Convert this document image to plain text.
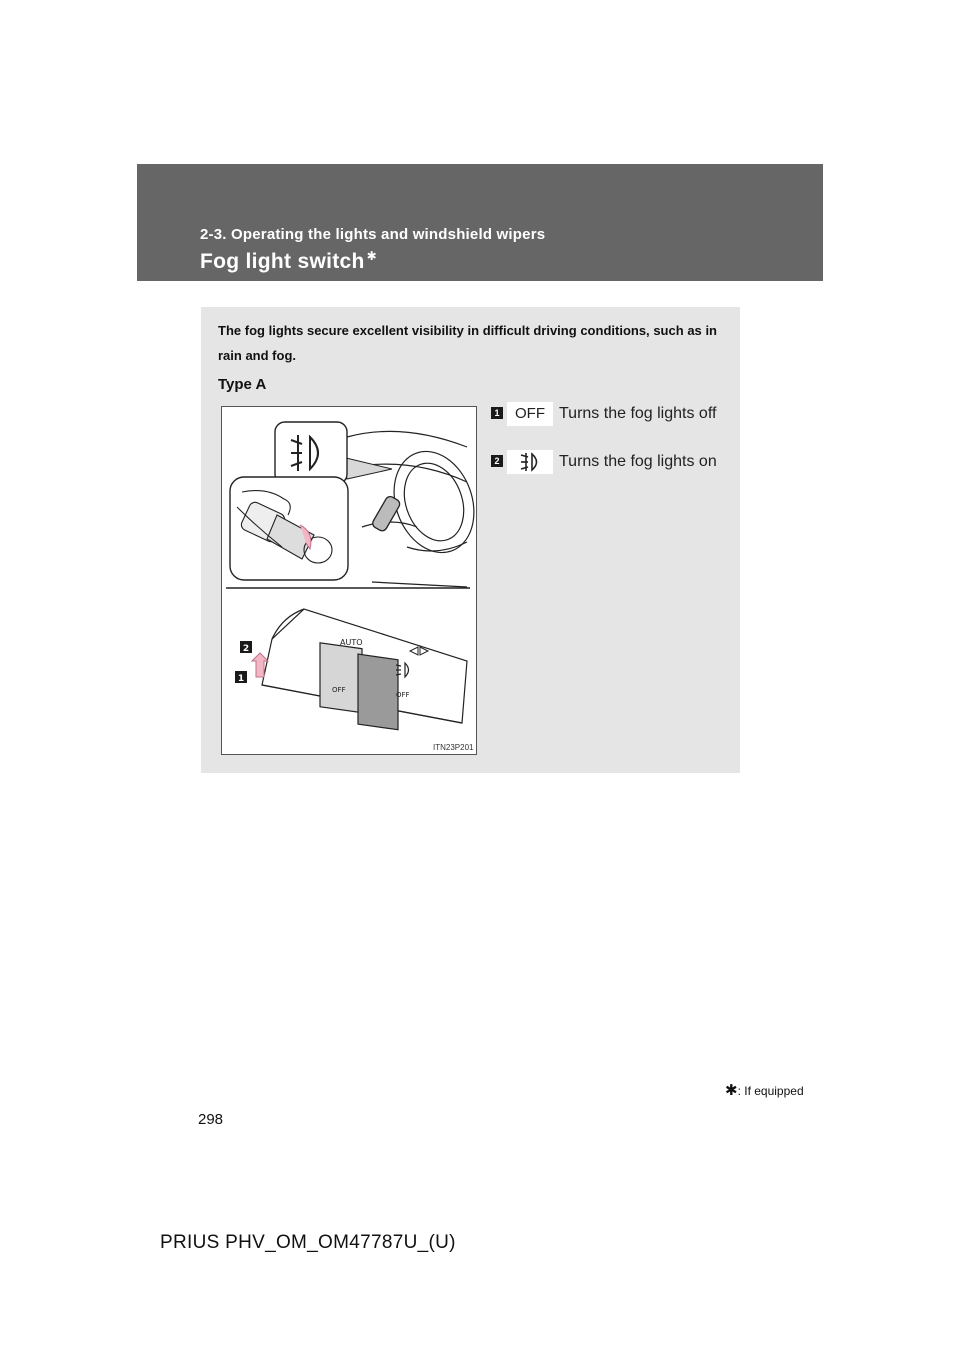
2-3. Operating the lights and windshield wipers
Fog light switch ✱
The fog lights secure excellent visibility in difficult driving conditions, such as in rain and fog.
Type A
AUTO
OFF
OFF
2
1
ITN23P201
1	OFF Turns the fog lights off
2	Turns the fog lights on
✱: If equipped
298
PRIUS PHV_OM_OM47787U_(U)
